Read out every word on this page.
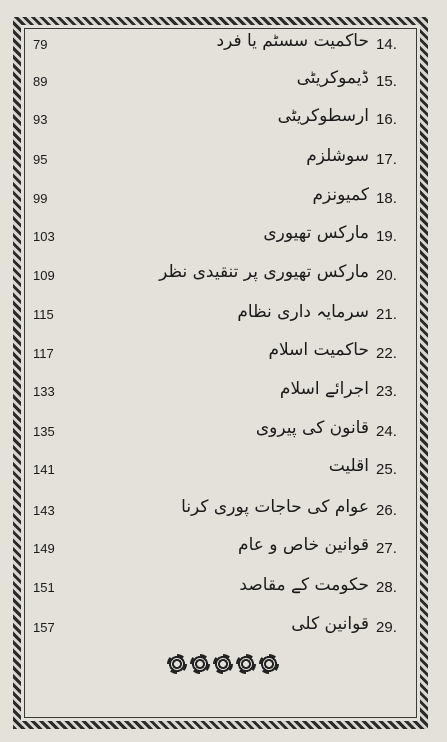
79	حاکمیت سسٹم یا فرد 14.
89	ڈیموکریٹی 15.
93	ارسطوکریٹی 16.
95	سوشلزم 17.
99	کمیونزم 18.
103	مارکس تھیوری 19.
109	مارکس تھیوری پر تنقیدی نظر 20.
115	سرمایہ داری نظام 21.
117	حاکمیت اسلام 22.
133	اجرائے اسلام 23.
135	قانون کی پیروی 24.
141	اقلیت 25.
143	عوام کی حاجات پوری کرنا 26.
149	قوانین خاص و عام 27.
151	حکومت کے مقاصد 28.
157	قوانین کلی 29.
